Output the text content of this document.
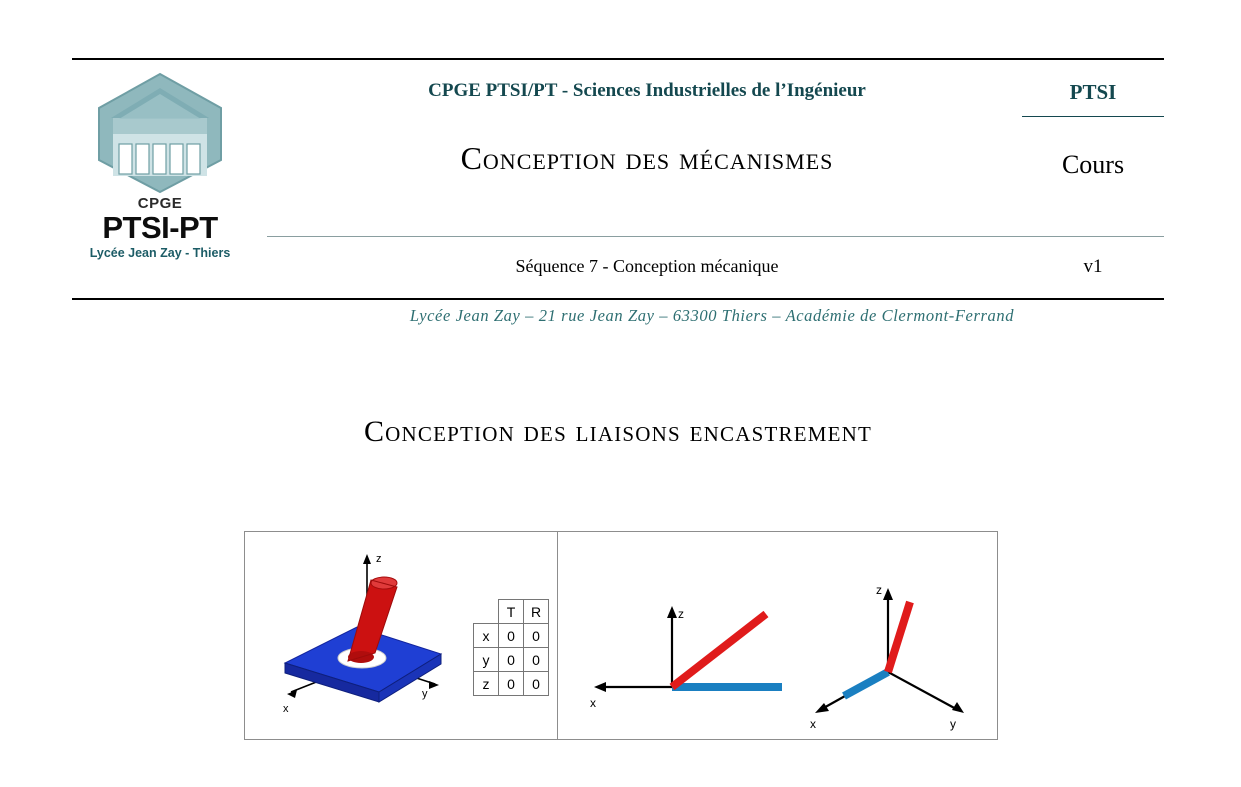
CPGE
PTSI-PT
Lycée Jean Zay - Thiers
CPGE PTSI/PT - Sciences Industrielles de l’Ingénieur	PTSI
Conception des mécanismes	Cours
Séquence 7 - Conception mécanique	v1
Lycée Jean Zay – 21 rue Jean Zay – 63300 Thiers – Académie de Clermont-Ferrand
Conception des liaisons encastrement
z
x
y
	T	R
x	0	0
y	0	0
z	0	0
z
x
z
x	y
